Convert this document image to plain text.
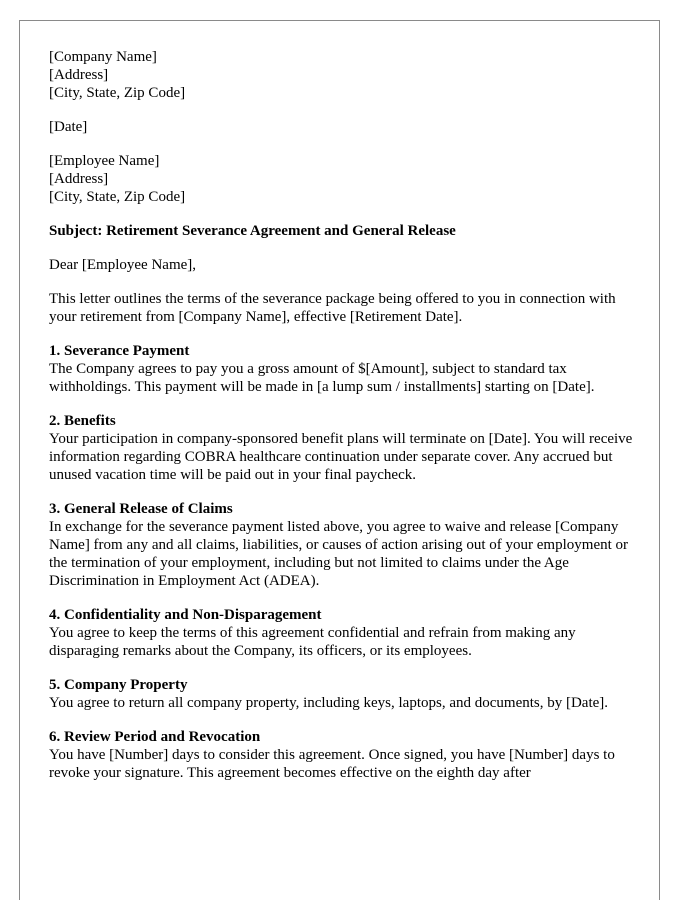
[Company Name]
[Address]
[City, State, Zip Code]
[Date]
[Employee Name]
[Address]
[City, State, Zip Code]

Subject: Retirement Severance Agreement and General Release

Dear [Employee Name],

This letter outlines the terms of the severance package being offered to you in connection with your retirement from [Company Name], effective [Retirement Date].

1. Severance Payment
The Company agrees to pay you a gross amount of $[Amount], subject to standard tax withholdings. This payment will be made in [a lump sum / installments] starting on [Date].
2. Benefits
Your participation in company-sponsored benefit plans will terminate on [Date]. You will receive information regarding COBRA healthcare continuation under separate cover. Any accrued but unused vacation time will be paid out in your final paycheck.
3. General Release of Claims
In exchange for the severance payment listed above, you agree to waive and release [Company Name] from any and all claims, liabilities, or causes of action arising out of your employment or the termination of your employment, including but not limited to claims under the Age Discrimination in Employment Act (ADEA).
4. Confidentiality and Non-Disparagement
You agree to keep the terms of this agreement confidential and refrain from making any disparaging remarks about the Company, its officers, or its employees.
5. Company Property
You agree to return all company property, including keys, laptops, and documents, by [Date].
6. Review Period and Revocation
You have [Number] days to consider this agreement. Once signed, you have [Number] days to revoke your signature. This agreement becomes effective on the eighth day after
